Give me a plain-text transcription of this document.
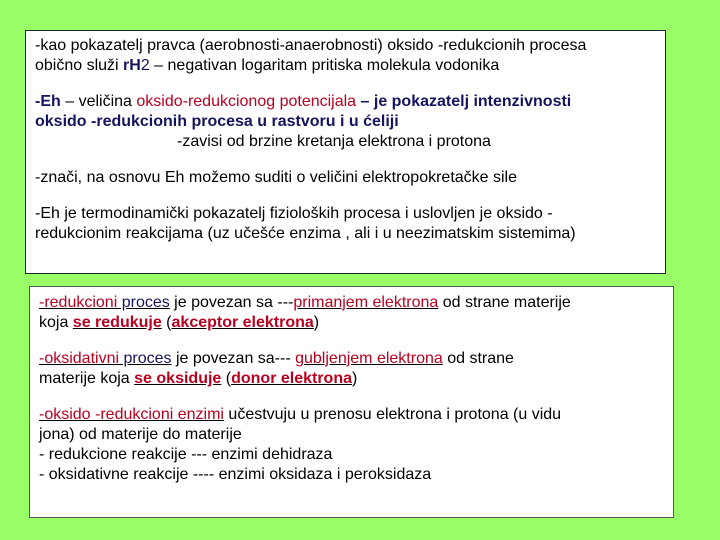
-kao pokazatelj pravca (aerobnosti-anaerobnosti) oksido -redukcionih procesa
obično služi rH2 – negativan logaritam pritiska molekula vodonika

-Eh – veličina oksido-redukcionog potencijala – je pokazatelj intenzivnosti
oksido -redukcionih procesa u rastvoru i u ćeliji

-zavisi od brzine kretanja elektrona i protona

-znači, na osnovu Eh možemo suditi o veličini elektropokretačke sile

-Eh je termodinamički pokazatelj fizioloških procesa i uslovljen je oksido -
redukcionim reakcijama (uz učešće enzima , ali i u neezimatskim sistemima)

-redukcioni proces je povezan sa ---primanjem elektrona od strane materije
koja se redukuje (akceptor elektrona)

-oksidativni proces je povezan sa--- gubljenjem elektrona od strane
materije koja se oksiduje (donor elektrona)

-oksido -redukcioni enzimi učestvuju u prenosu elektrona i protona (u vidu
jona) od materije do materije
- redukcione reakcije --- enzimi dehidraza
- oksidativne reakcije ---- enzimi oksidaza i peroksidaza
